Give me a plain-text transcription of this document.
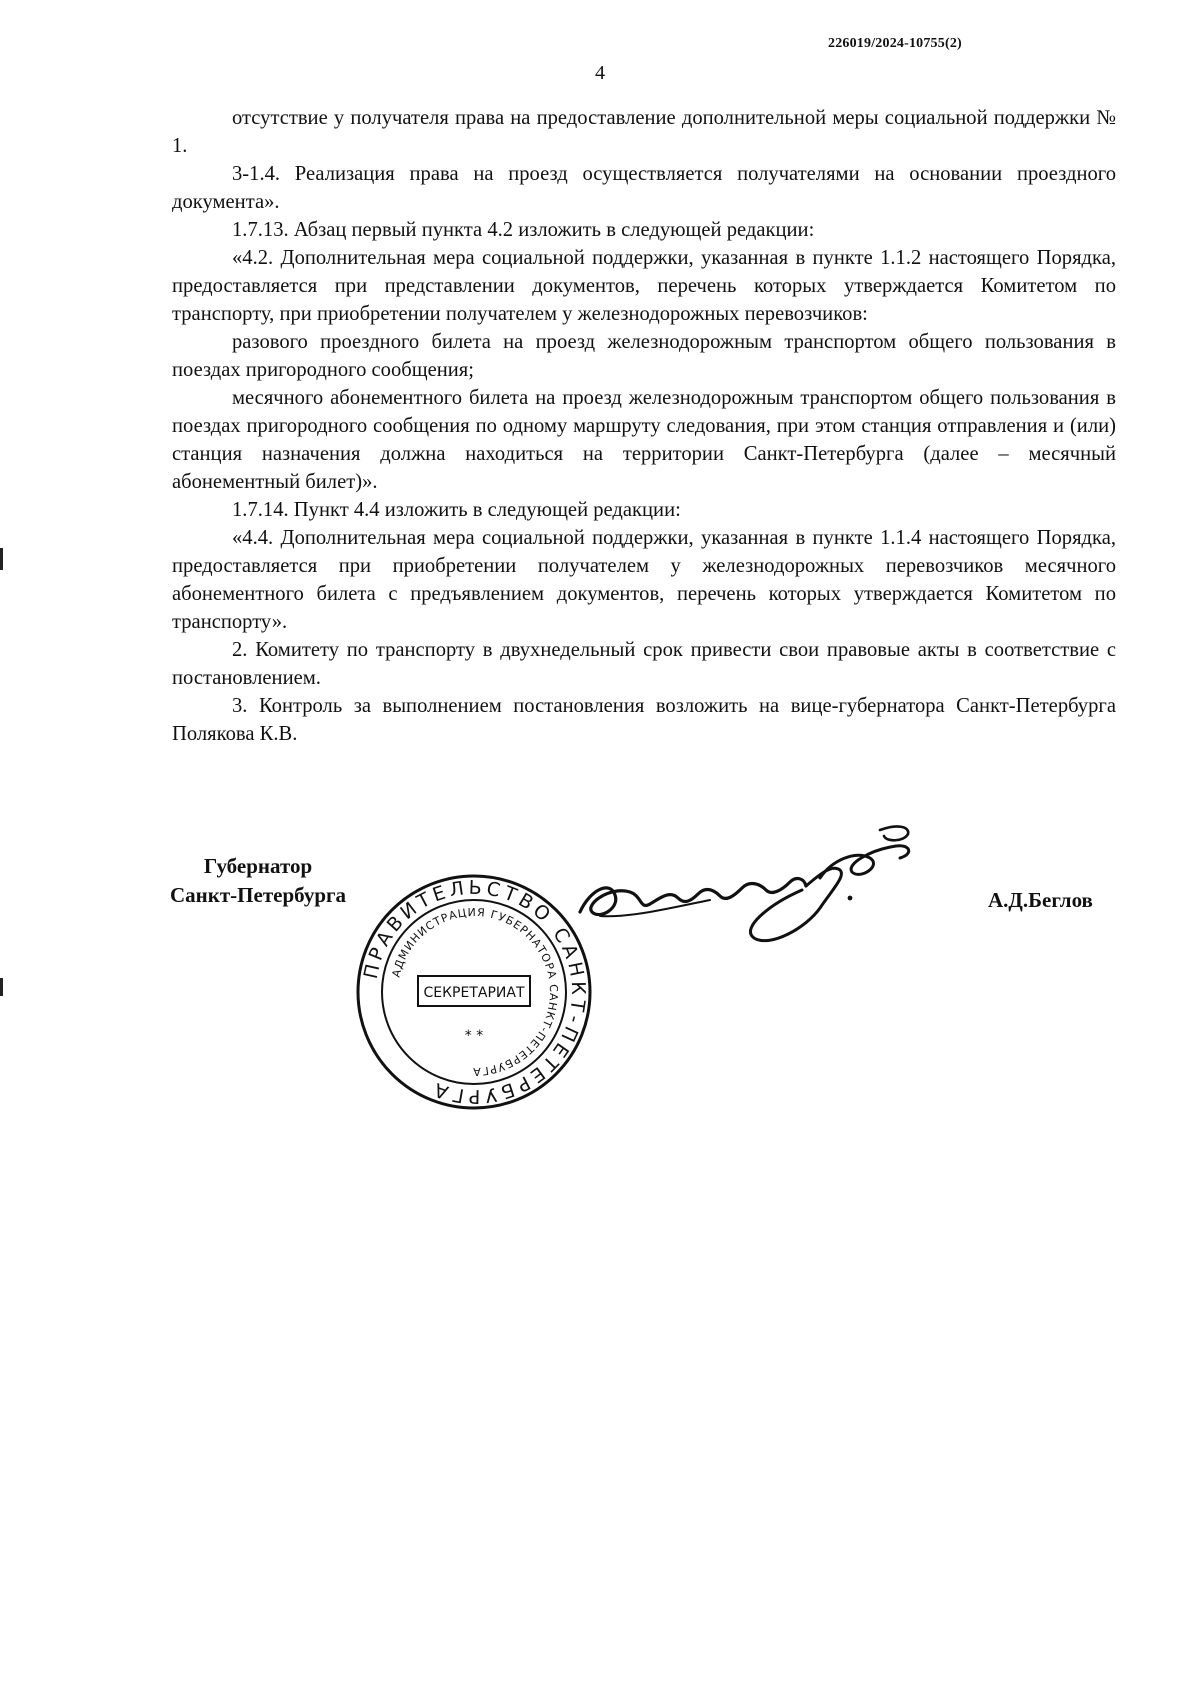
226019/2024-10755(2)
4

отсутствие у получателя права на предоставление дополнительной меры социальной поддержки № 1.

3-1.4. Реализация права на проезд осуществляется получателями на основании проездного документа».

1.7.13. Абзац первый пункта 4.2 изложить в следующей редакции:

«4.2. Дополнительная мера социальной поддержки, указанная в пункте 1.1.2 настоящего Порядка, предоставляется при представлении документов, перечень которых утверждается Комитетом по транспорту, при приобретении получателем у железнодорожных перевозчиков:

разового проездного билета на проезд железнодорожным транспортом общего пользования в поездах пригородного сообщения;

месячного абонементного билета на проезд железнодорожным транспортом общего пользования в поездах пригородного сообщения по одному маршруту следования, при этом станция отправления и (или) станция назначения должна находиться на территории Санкт-Петербурга (далее – месячный абонементный билет)».

1.7.14. Пункт 4.4 изложить в следующей редакции:

«4.4. Дополнительная мера социальной поддержки, указанная в пункте 1.1.4 настоящего Порядка, предоставляется при приобретении получателем у железнодорожных перевозчиков месячного абонементного билета с предъявлением документов, перечень которых утверждается Комитетом по транспорту».

2. Комитету по транспорту в двухнедельный срок привести свои правовые акты в соответствие с постановлением.

3. Контроль за выполнением постановления возложить на вице-губернатора Санкт-Петербурга Полякова К.В.

Губернатор
Санкт-Петербурга	А.Д.Беглов
ПРАВИТЕЛЬСТВО САНКТ-ПЕТЕРБУРГА
АДМИНИСТРАЦИЯ ГУБЕРНАТОРА САНКТ-ПЕТЕРБУРГА
СЕКРЕТАРИАТ
* *
